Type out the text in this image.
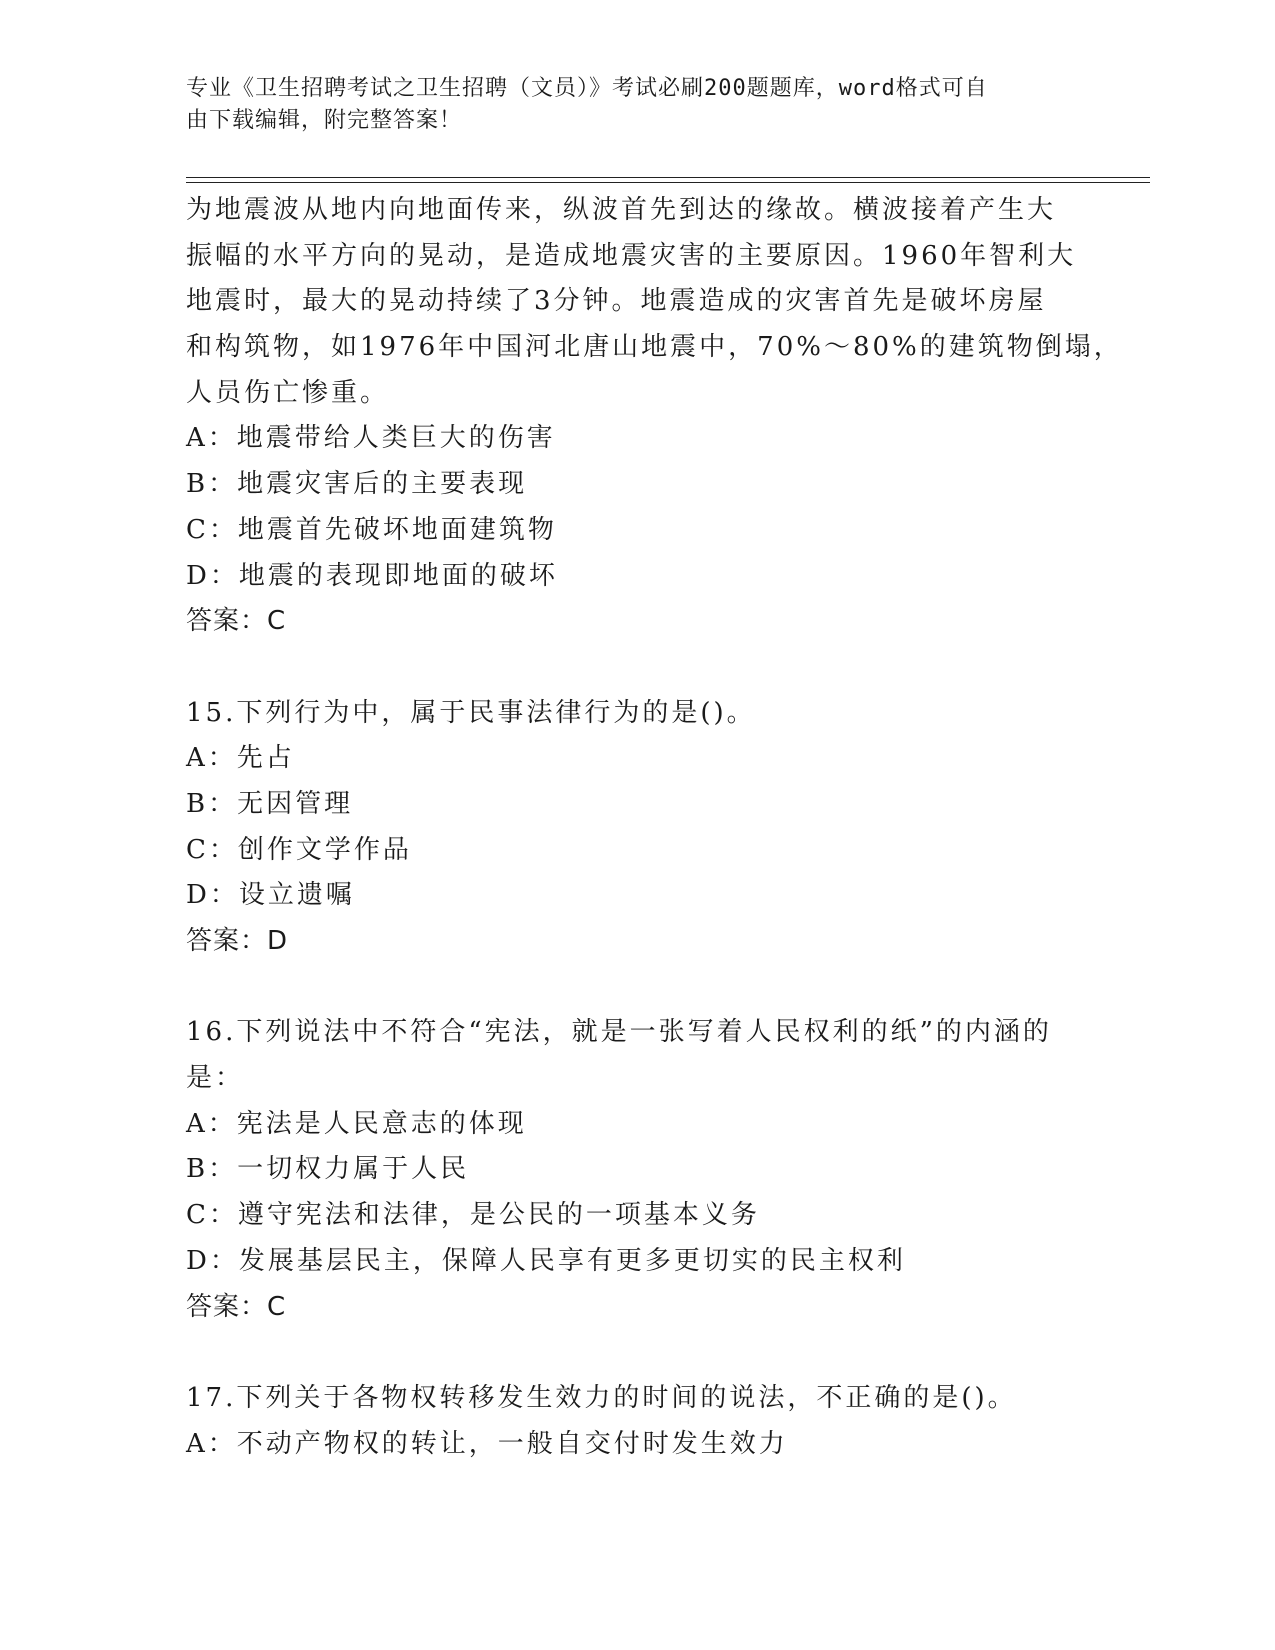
专业《卫生招聘考试之卫生招聘（文员）》考试必刷200题题库，word格式可自
由下载编辑，附完整答案！
为地震波从地内向地面传来，纵波首先到达的缘故。横波接着产生大
振幅的水平方向的晃动，是造成地震灾害的主要原因。1960年智利大
地震时，最大的晃动持续了3分钟。地震造成的灾害首先是破坏房屋
和构筑物，如1976年中国河北唐山地震中，70%～80%的建筑物倒塌，
人员伤亡惨重。
A：地震带给人类巨大的伤害
B：地震灾害后的主要表现
C：地震首先破坏地面建筑物
D：地震的表现即地面的破坏
答案：C
15.下列行为中，属于民事法律行为的是()。
A：先占
B：无因管理
C：创作文学作品
D：设立遗嘱
答案：D
16.下列说法中不符合“宪法，就是一张写着人民权利的纸”的内涵的
是：
A：宪法是人民意志的体现
B：一切权力属于人民
C：遵守宪法和法律，是公民的一项基本义务
D：发展基层民主，保障人民享有更多更切实的民主权利
答案：C
17.下列关于各物权转移发生效力的时间的说法，不正确的是()。
A：不动产物权的转让，一般自交付时发生效力
